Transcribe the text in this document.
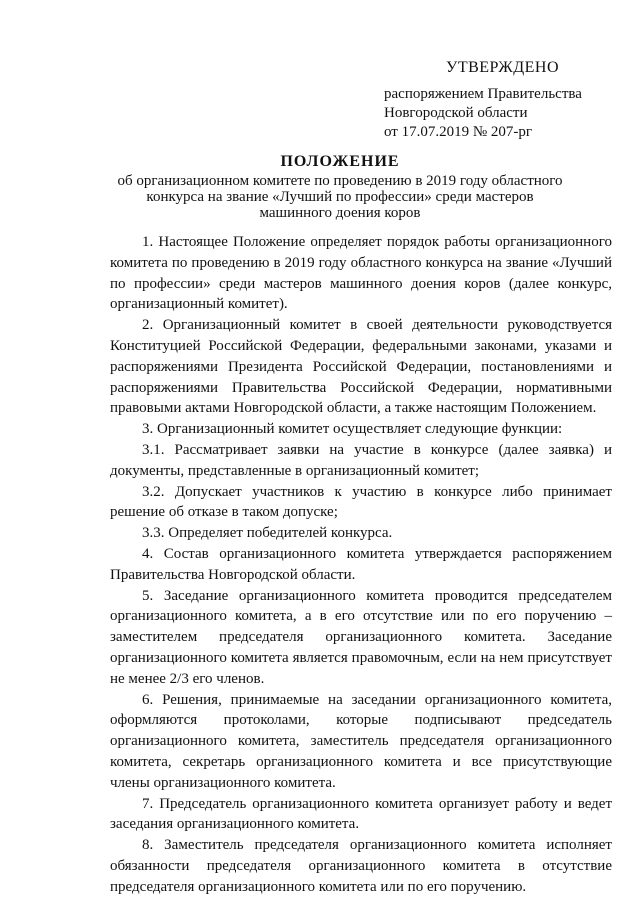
УТВЕРЖДЕНО
распоряжением Правительства
Новгородской области
от 17.07.2019 № 207-рг
ПОЛОЖЕНИЕ
об организационном комитете по проведению в 2019 году областного конкурса на звание «Лучший по профессии» среди мастеров машинного доения коров

1. Настоящее Положение определяет порядок работы организационного комитета по проведению в 2019 году областного конкурса на звание «Лучший по профессии» среди мастеров машинного доения коров (далее конкурс, организационный комитет).

2. Организационный комитет в своей деятельности руководствуется Конституцией Российской Федерации, федеральными законами, указами и распоряжениями Президента Российской Федерации, постановлениями и распоряжениями Правительства Российской Федерации, нормативными правовыми актами Новгородской области, а также настоящим Положением.

3. Организационный комитет осуществляет следующие функции:

3.1. Рассматривает заявки на участие в конкурсе (далее заявка) и документы, представленные в организационный комитет;

3.2. Допускает участников к участию в конкурсе либо принимает решение об отказе в таком допуске;

3.3. Определяет победителей конкурса.

4. Состав организационного комитета утверждается распоряжением Правительства Новгородской области.

5. Заседание организационного комитета проводится председателем организационного комитета, а в его отсутствие или по его поручению – заместителем председателя организационного комитета. Заседание организационного комитета является правомочным, если на нем присутствует не менее 2/3 его членов.

6. Решения, принимаемые на заседании организационного комитета, оформляются протоколами, которые подписывают председатель организационного комитета, заместитель председателя организационного комитета, секретарь организационного комитета и все присутствующие члены организационного комитета.

7. Председатель организационного комитета организует работу и ведет заседания организационного комитета.

8. Заместитель председателя организационного комитета исполняет обязанности председателя организационного комитета в отсутствие председателя организационного комитета или по его поручению.
